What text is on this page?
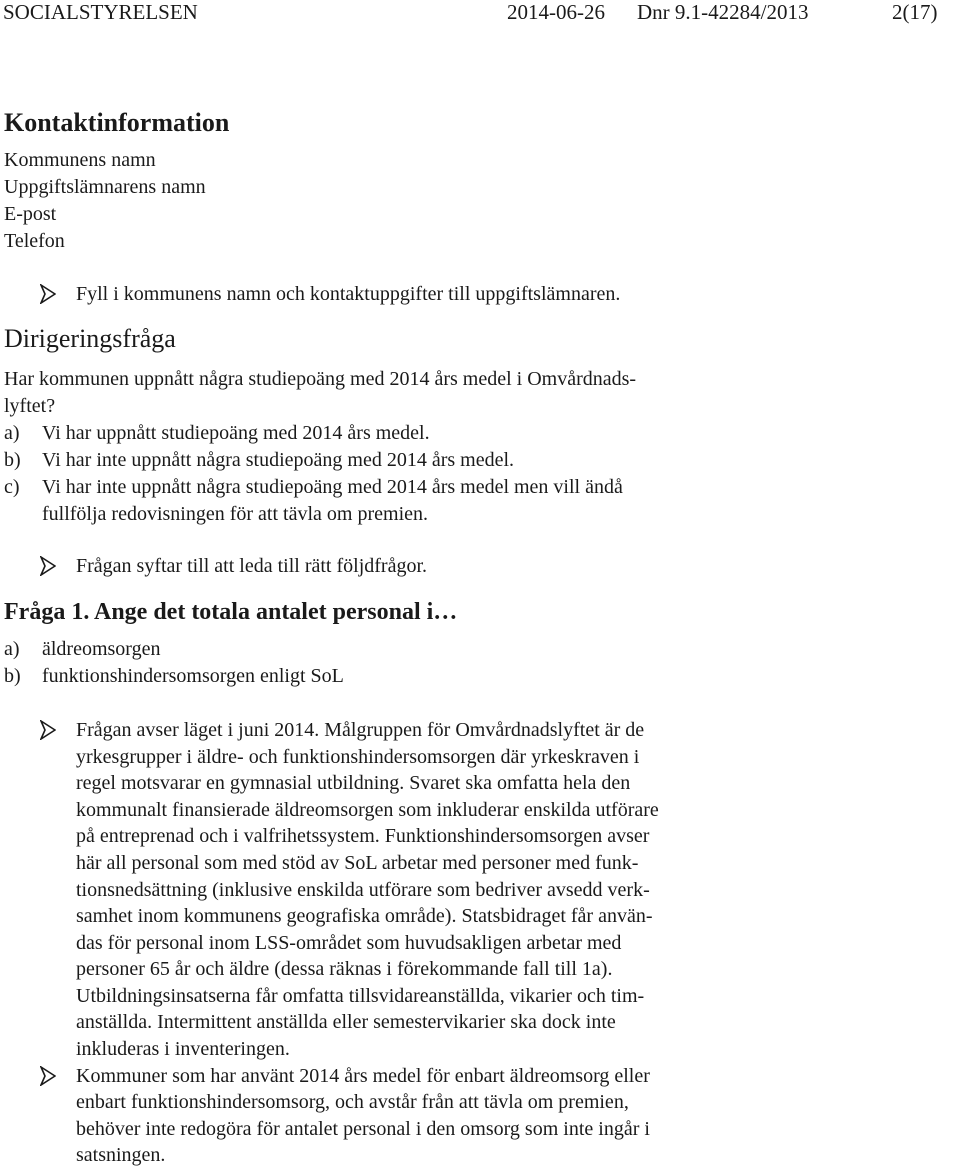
SOCIALSTYRELSEN	2014-06-26 Dnr 9.1-42284/2013	2(17)
Kontaktinformation
Kommunens namn
Uppgiftslämnarens namn
E-post
Telefon
Fyll i kommunens namn och kontaktuppgifter till uppgiftslämnaren.
Dirigeringsfråga
Har kommunen uppnått några studiepoäng med 2014 års medel i Omvårdnads-
lyftet?
a) Vi har uppnått studiepoäng med 2014 års medel.
b) Vi har inte uppnått några studiepoäng med 2014 års medel.
c) Vi har inte uppnått några studiepoäng med 2014 års medel men vill ändå
fullfölja redovisningen för att tävla om premien.
Frågan syftar till att leda till rätt följdfrågor.
Fråga 1. Ange det totala antalet personal i…
a) äldreomsorgen
b) funktionshindersomsorgen enligt SoL
Frågan avser läget i juni 2014. Målgruppen för Omvårdnadslyftet är de
yrkesgrupper i äldre- och funktionshindersomsorgen där yrkeskraven i
regel motsvarar en gymnasial utbildning. Svaret ska omfatta hela den
kommunalt finansierade äldreomsorgen som inkluderar enskilda utförare
på entreprenad och i valfrihetssystem. Funktionshindersomsorgen avser
här all personal som med stöd av SoL arbetar med personer med funk-
tionsnedsättning (inklusive enskilda utförare som bedriver avsedd verk-
samhet inom kommunens geografiska område). Statsbidraget får använ-
das för personal inom LSS-området som huvudsakligen arbetar med
personer 65 år och äldre (dessa räknas i förekommande fall till 1a).
Utbildningsinsatserna får omfatta tillsvidareanställda, vikarier och tim-
anställda. Intermittent anställda eller semestervikarier ska dock inte
inkluderas i inventeringen.
Kommuner som har använt 2014 års medel för enbart äldreomsorg eller
enbart funktionshindersomsorg, och avstår från att tävla om premien,
behöver inte redogöra för antalet personal i den omsorg som inte ingår i
satsningen.
